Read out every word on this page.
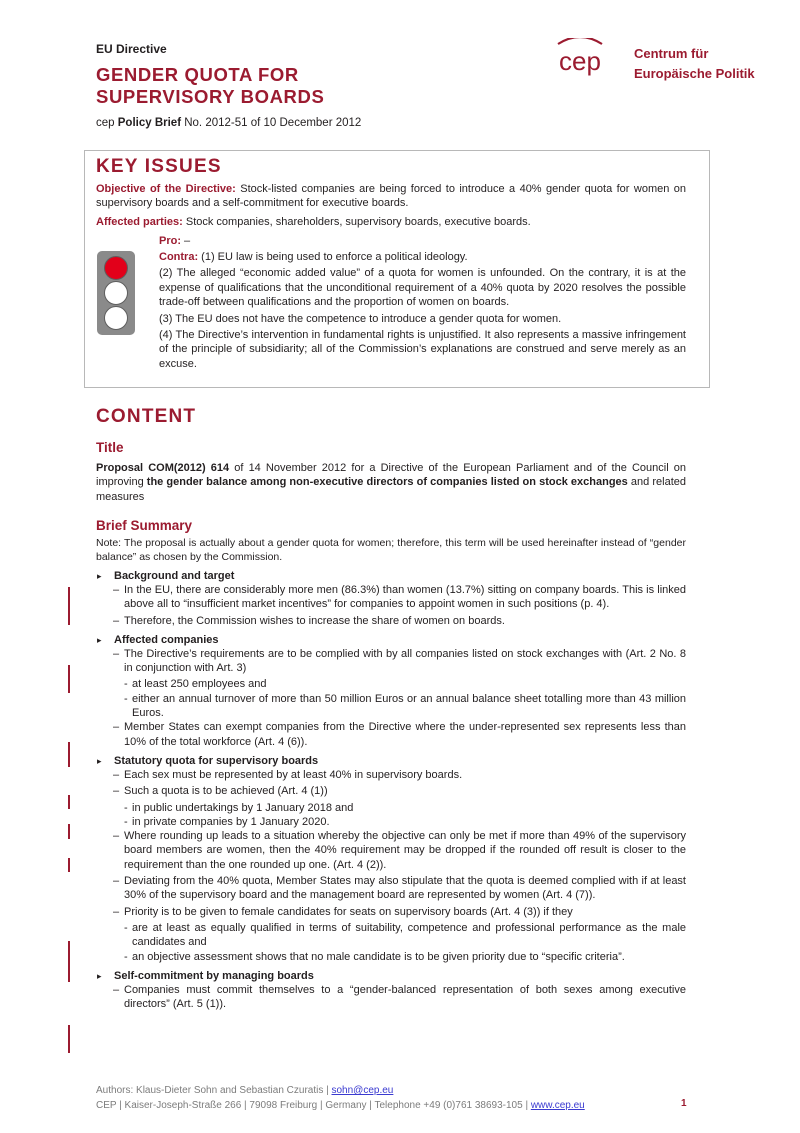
EU Directive
GENDER QUOTA FOR
SUPERVISORY BOARDS
cep Policy Brief No. 2012-51 of 10 December 2012
cep	Centrum für
Europäische Politik
KEY ISSUES
Objective of the Directive: Stock-listed companies are being forced to introduce a 40% gender quota for women on supervisory boards and a self-commitment for executive boards.
Affected parties: Stock companies, shareholders, supervisory boards, executive boards.
Pro: –

Contra: (1) EU law is being used to enforce a political ideology.

(2) The alleged “economic added value” of a quota for women is unfounded. On the contrary, it is at the expense of qualifications that the unconditional requirement of a 40% quota by 2020 resolves the possible trade-off between qualifications and the proportion of women on boards.

(3) The EU does not have the competence to introduce a gender quota for women.

(4) The Directive’s intervention in fundamental rights is unjustified. It also represents a massive infringement of the principle of subsidiarity; all of the Commission’s explanations are construed and serve merely as an excuse.

CONTENT
Title
Proposal COM(2012) 614 of 14 November 2012 for a Directive of the European Parliament and of the Council on improving the gender balance among non-executive directors of companies listed on stock exchanges and related measures
Brief Summary
Note: The proposal is actually about a gender quota for women; therefore, this term will be used hereinafter instead of “gender balance” as chosen by the Commission.
▸ Background and target
– In the EU, there are considerably more men (86.3%) than women (13.7%) sitting on company boards. This is linked above all to “insufficient market incentives” for companies to appoint women in such positions (p. 4).
– Therefore, the Commission wishes to increase the share of women on boards.
▸ Affected companies
– The Directive’s requirements are to be complied with by all companies listed on stock exchanges with (Art. 2 No. 8 in conjunction with Art. 3)
- at least 250 employees and
- either an annual turnover of more than 50 million Euros or an annual balance sheet totalling more than 43 million Euros.
– Member States can exempt companies from the Directive where the under-represented sex represents less than 10% of the total workforce (Art. 4 (6)).
▸ Statutory quota for supervisory boards
– Each sex must be represented by at least 40% in supervisory boards.
– Such a quota is to be achieved (Art. 4 (1))
- in public undertakings by 1 January 2018 and
- in private companies by 1 January 2020.
– Where rounding up leads to a situation whereby the objective can only be met if more than 49% of the supervisory board members are women, then the 40% requirement may be dropped if the rounded off result is closer to the requirement than the one rounded up one. (Art. 4 (2)).
– Deviating from the 40% quota, Member States may also stipulate that the quota is deemed complied with if at least 30% of the supervisory board and the management board are represented by women (Art. 4 (7)).
– Priority is to be given to female candidates for seats on supervisory boards (Art. 4 (3)) if they
- are at least as equally qualified in terms of suitability, competence and professional performance as the male candidates and
- an objective assessment shows that no male candidate is to be given priority due to “specific criteria”.
▸ Self-commitment by managing boards
– Companies must commit themselves to a “gender-balanced representation of both sexes among executive directors” (Art. 5 (1)).
Authors: Klaus-Dieter Sohn and Sebastian Czuratis | sohn@cep.eu
CEP | Kaiser-Joseph-Straße 266 | 79098 Freiburg | Germany | Telephone +49 (0)761 38693-105 | www.cep.eu	1
